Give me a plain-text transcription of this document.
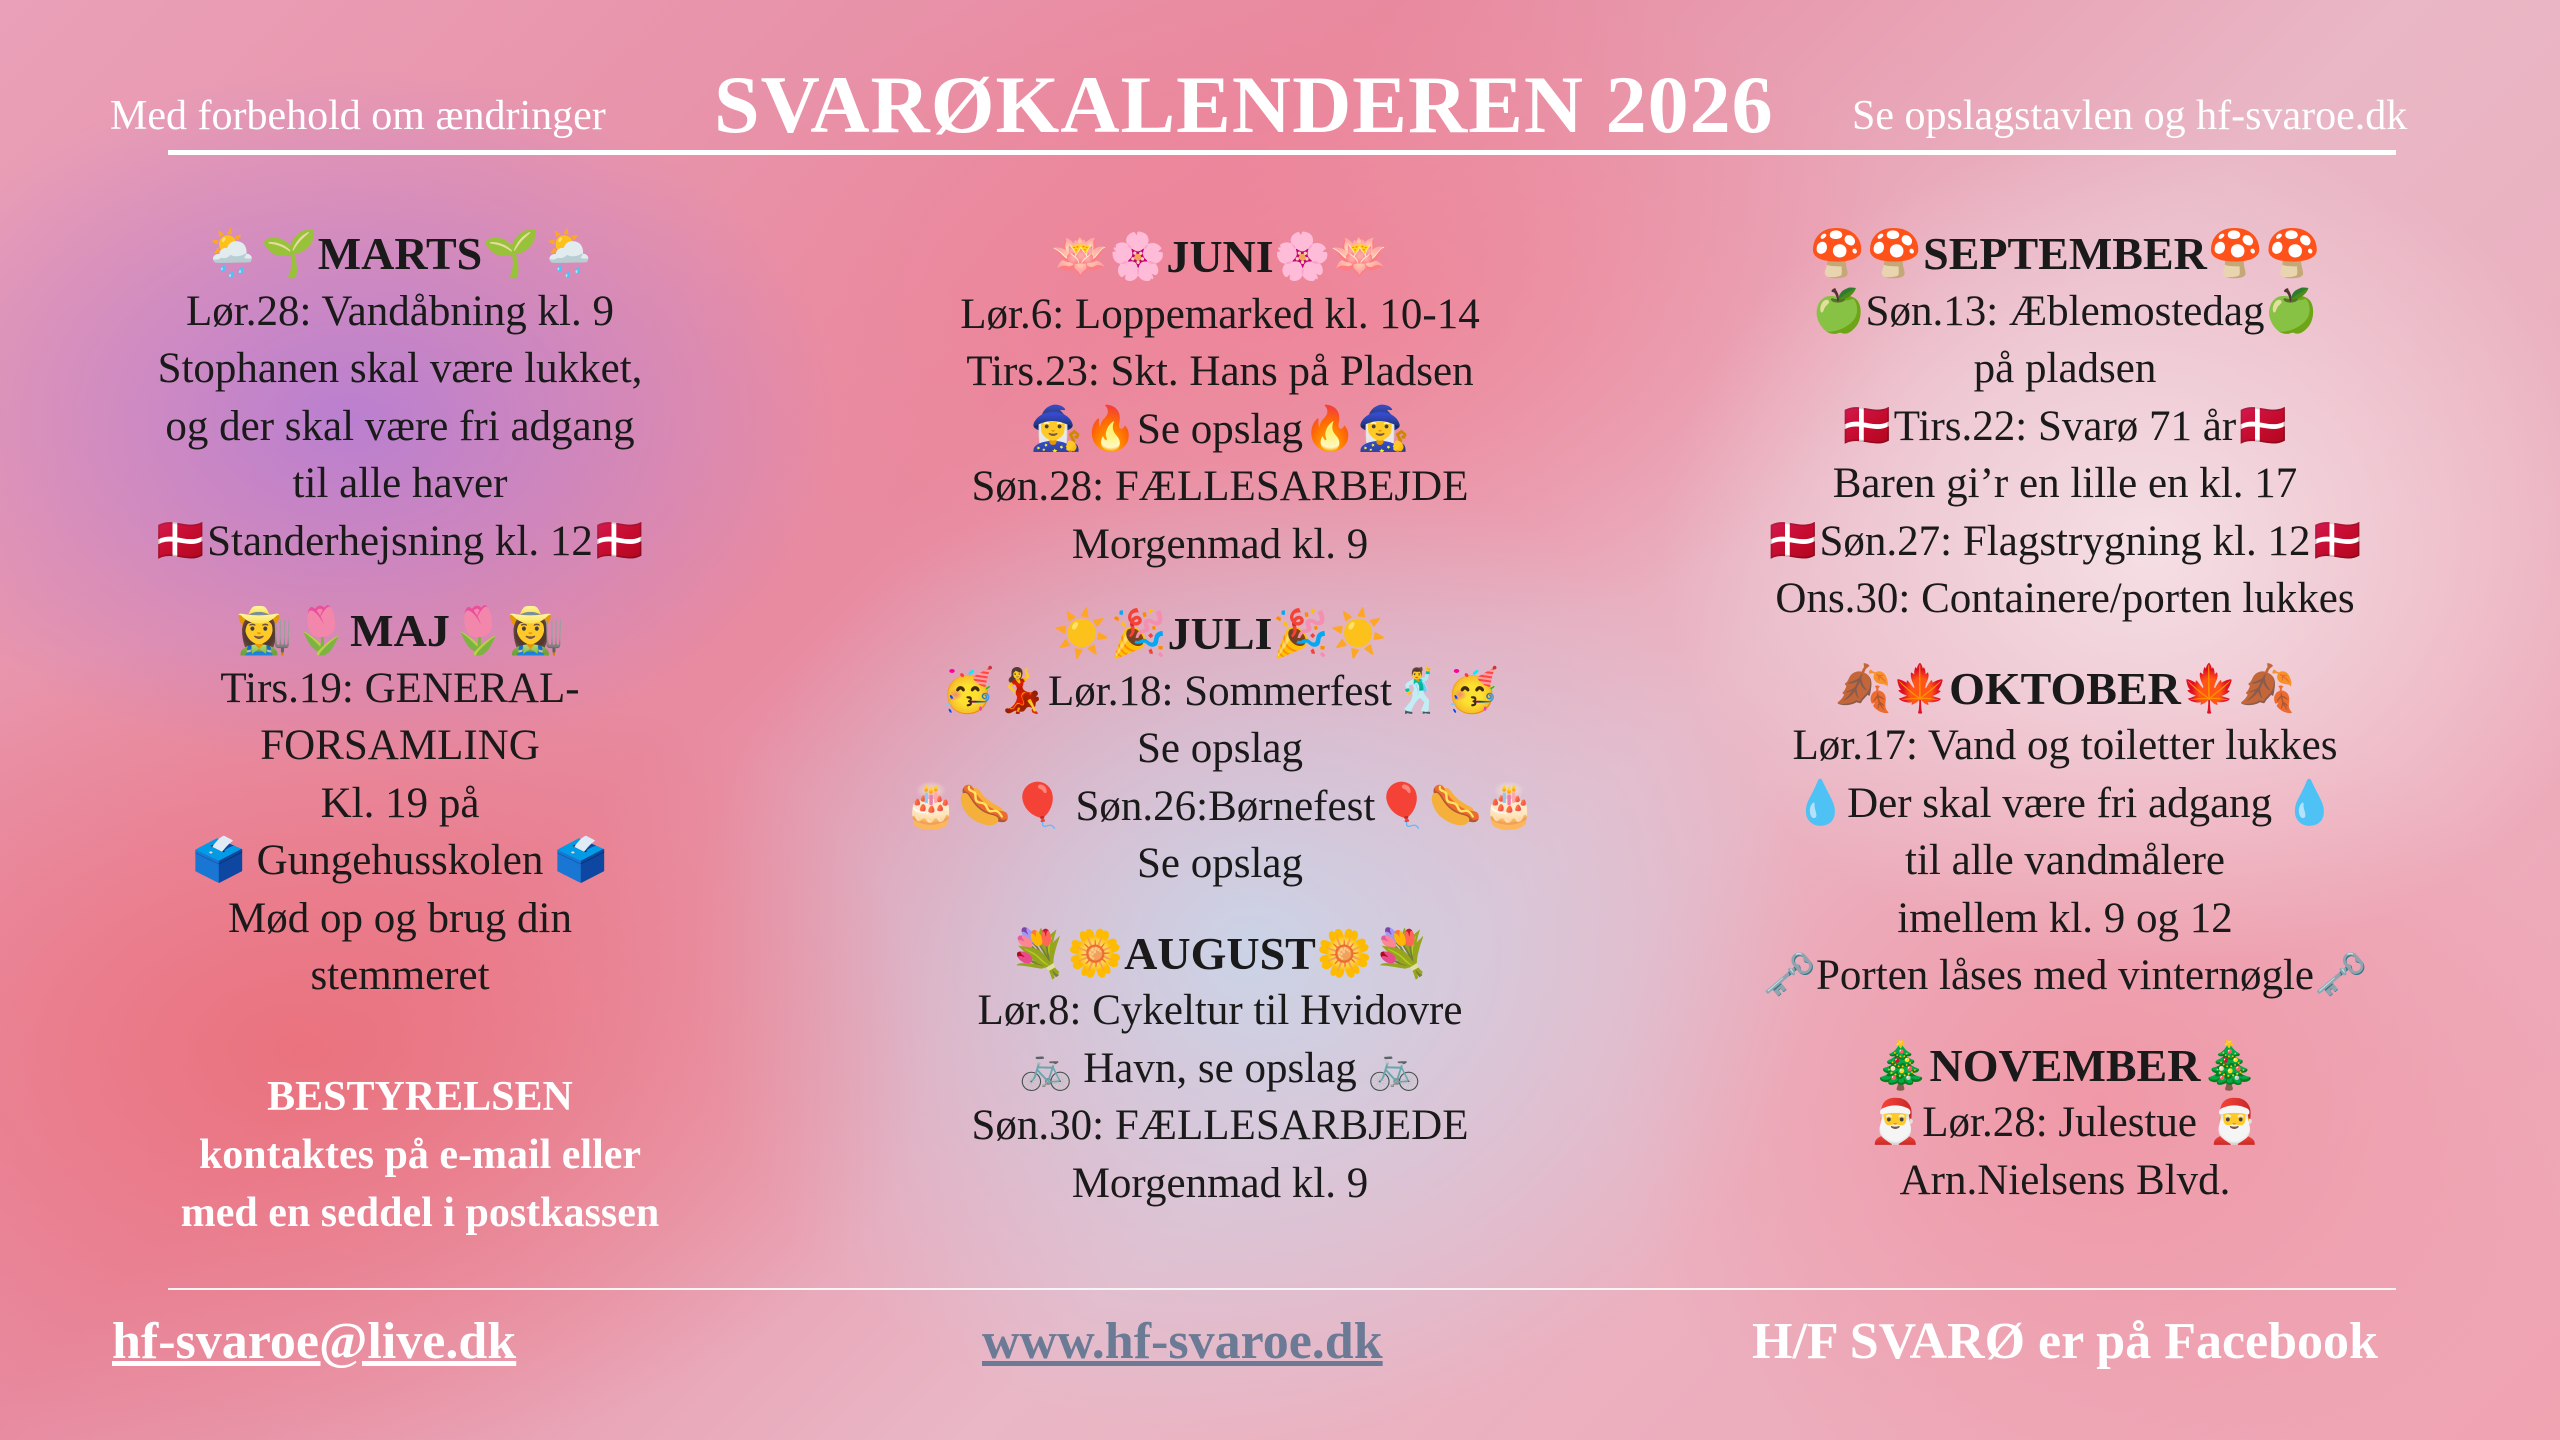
Med forbehold om ændringer SVARØKALENDEREN 2026 Se opslagstavlen og hf-svaroe.dk
🌦️🌱MARTS🌱🌦️
Lør.28: Vandåbning kl. 9
Stophanen skal være lukket,
og der skal være fri adgang
til alle haver
🇩🇰Standerhejsning kl. 12🇩🇰
👩‍🌾🌷MAJ🌷👩‍🌾
Tirs.19: GENERAL-
FORSAMLING
Kl. 19 på
🗳️ Gungehusskolen 🗳️
Mød op og brug din
stemmeret
BESTYRELSEN
kontaktes på e-mail eller
med en seddel i postkassen
🪷🌸JUNI🌸🪷
Lør.6: Loppemarked kl. 10-14
Tirs.23: Skt. Hans på Pladsen
🧙‍♀️🔥Se opslag🔥🧙‍♀️
Søn.28: FÆLLESARBEJDE
Morgenmad kl. 9
☀️🎉JULI🎉☀️
🥳💃Lør.18: Sommerfest🕺🥳
Se opslag
🎂🌭🎈 Søn.26:Børnefest🎈🌭🎂
Se opslag
💐🌼AUGUST🌼💐
Lør.8: Cykeltur til Hvidovre
🚲 Havn, se opslag 🚲
Søn.30: FÆLLESARBJEDE
Morgenmad kl. 9
🍄🍄SEPTEMBER🍄🍄
🍏Søn.13: Æblemostedag🍏
på pladsen
🇩🇰Tirs.22: Svarø 71 år🇩🇰
Baren gi’r en lille en kl. 17
🇩🇰Søn.27: Flagstrygning kl. 12🇩🇰
Ons.30: Containere/porten lukkes
🍂🍁OKTOBER🍁🍂
Lør.17: Vand og toiletter lukkes
💧Der skal være fri adgang 💧
til alle vandmålere
imellem kl. 9 og 12
🗝️Porten låses med vinternøgle🗝️
🎄NOVEMBER🎄
🎅Lør.28: Julestue 🎅
Arn.Nielsens Blvd.
hf-svaroe@live.dk	www.hf-svaroe.dk	H/F SVARØ er på Facebook
